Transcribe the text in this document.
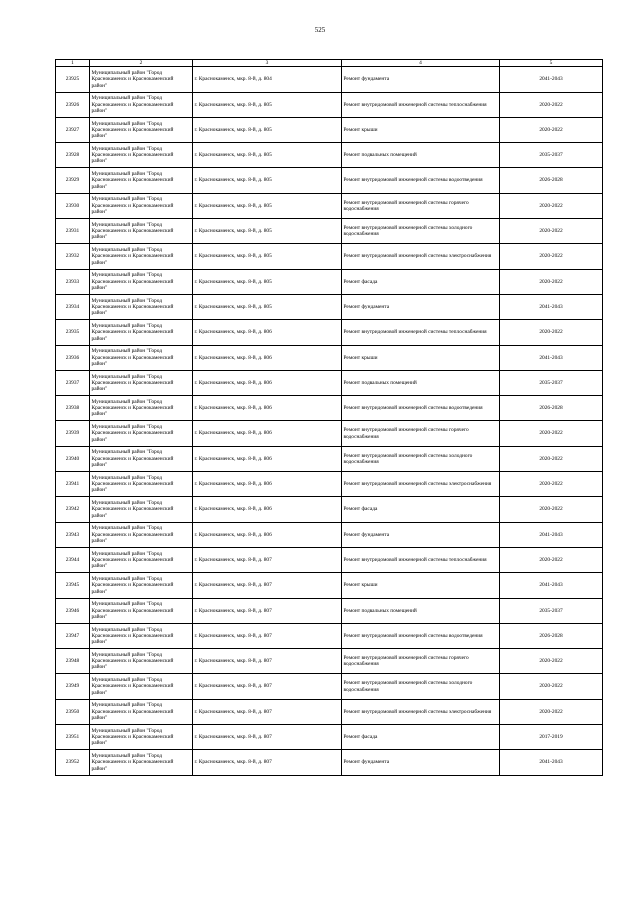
525
1	2	3	4	5
23925	Муниципальный район "Город Краснокаменск и Краснокаменский район"	г. Краснокаменск, мкр. 8-й, д. 804	Ремонт фундамента	2041-2043
23926	Муниципальный район "Город Краснокаменск и Краснокаменский район"	г. Краснокаменск, мкр. 8-й, д. 805	Ремонт внутридомовой инженерной системы теплоснабжения	2020-2022
23927	Муниципальный район "Город Краснокаменск и Краснокаменский район"	г. Краснокаменск, мкр. 8-й, д. 805	Ремонт крыши	2020-2022
23928	Муниципальный район "Город Краснокаменск и Краснокаменский район"	г. Краснокаменск, мкр. 8-й, д. 805	Ремонт подвальных помещений	2035-2037
23929	Муниципальный район "Город Краснокаменск и Краснокаменский район"	г. Краснокаменск, мкр. 8-й, д. 805	Ремонт внутридомовой инженерной системы водоотведения	2026-2028
23930	Муниципальный район "Город Краснокаменск и Краснокаменский район"	г. Краснокаменск, мкр. 8-й, д. 805	Ремонт внутридомовой инженерной системы горячего водоснабжения	2020-2022
23931	Муниципальный район "Город Краснокаменск и Краснокаменский район"	г. Краснокаменск, мкр. 8-й, д. 805	Ремонт внутридомовой инженерной системы холодного водоснабжения	2020-2022
23932	Муниципальный район "Город Краснокаменск и Краснокаменский район"	г. Краснокаменск, мкр. 8-й, д. 805	Ремонт внутридомовой инженерной системы электроснабжения	2020-2022
23933	Муниципальный район "Город Краснокаменск и Краснокаменский район"	г. Краснокаменск, мкр. 8-й, д. 805	Ремонт фасада	2020-2022
23934	Муниципальный район "Город Краснокаменск и Краснокаменский район"	г. Краснокаменск, мкр. 8-й, д. 805	Ремонт фундамента	2041-2043
23935	Муниципальный район "Город Краснокаменск и Краснокаменский район"	г. Краснокаменск, мкр. 8-й, д. 806	Ремонт внутридомовой инженерной системы теплоснабжения	2020-2022
23936	Муниципальный район "Город Краснокаменск и Краснокаменский район"	г. Краснокаменск, мкр. 8-й, д. 806	Ремонт крыши	2041-2043
23937	Муниципальный район "Город Краснокаменск и Краснокаменский район"	г. Краснокаменск, мкр. 8-й, д. 806	Ремонт подвальных помещений	2035-2037
23938	Муниципальный район "Город Краснокаменск и Краснокаменский район"	г. Краснокаменск, мкр. 8-й, д. 806	Ремонт внутридомовой инженерной системы водоотведения	2026-2028
23939	Муниципальный район "Город Краснокаменск и Краснокаменский район"	г. Краснокаменск, мкр. 8-й, д. 806	Ремонт внутридомовой инженерной системы горячего водоснабжения	2020-2022
23940	Муниципальный район "Город Краснокаменск и Краснокаменский район"	г. Краснокаменск, мкр. 8-й, д. 806	Ремонт внутридомовой инженерной системы холодного водоснабжения	2020-2022
23941	Муниципальный район "Город Краснокаменск и Краснокаменский район"	г. Краснокаменск, мкр. 8-й, д. 806	Ремонт внутридомовой инженерной системы электроснабжения	2020-2022
23942	Муниципальный район "Город Краснокаменск и Краснокаменский район"	г. Краснокаменск, мкр. 8-й, д. 806	Ремонт фасада	2020-2022
23943	Муниципальный район "Город Краснокаменск и Краснокаменский район"	г. Краснокаменск, мкр. 8-й, д. 806	Ремонт фундамента	2041-2043
23944	Муниципальный район "Город Краснокаменск и Краснокаменский район"	г. Краснокаменск, мкр. 8-й, д. 807	Ремонт внутридомовой инженерной системы теплоснабжения	2020-2022
23945	Муниципальный район "Город Краснокаменск и Краснокаменский район"	г. Краснокаменск, мкр. 8-й, д. 807	Ремонт крыши	2041-2043
23946	Муниципальный район "Город Краснокаменск и Краснокаменский район"	г. Краснокаменск, мкр. 8-й, д. 807	Ремонт подвальных помещений	2035-2037
23947	Муниципальный район "Город Краснокаменск и Краснокаменский район"	г. Краснокаменск, мкр. 8-й, д. 807	Ремонт внутридомовой инженерной системы водоотведения	2026-2028
23948	Муниципальный район "Город Краснокаменск и Краснокаменский район"	г. Краснокаменск, мкр. 8-й, д. 807	Ремонт внутридомовой инженерной системы горячего водоснабжения	2020-2022
23949	Муниципальный район "Город Краснокаменск и Краснокаменский район"	г. Краснокаменск, мкр. 8-й, д. 807	Ремонт внутридомовой инженерной системы холодного водоснабжения	2020-2022
23950	Муниципальный район "Город Краснокаменск и Краснокаменский район"	г. Краснокаменск, мкр. 8-й, д. 807	Ремонт внутридомовой инженерной системы электроснабжения	2020-2022
23951	Муниципальный район "Город Краснокаменск и Краснокаменский район"	г. Краснокаменск, мкр. 8-й, д. 807	Ремонт фасада	2017-2019
23952	Муниципальный район "Город Краснокаменск и Краснокаменский район"	г. Краснокаменск, мкр. 8-й, д. 807	Ремонт фундамента	2041-2043
